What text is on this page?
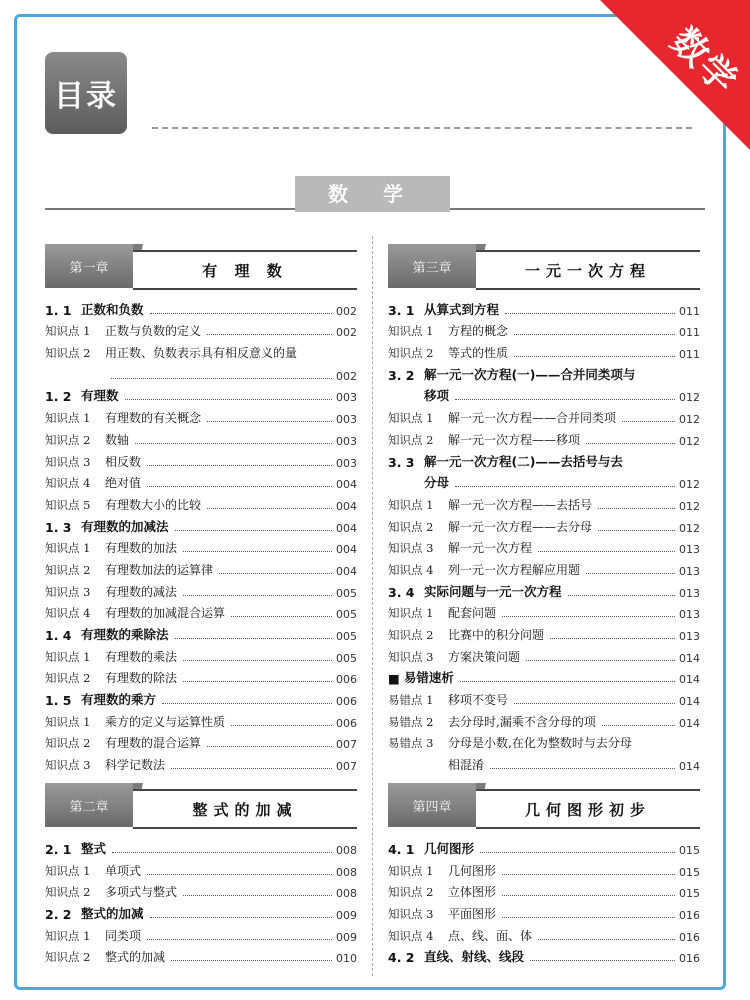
数学
目录
数 学
第一章	有 理 数
1. 1 正数和负数	002
知识点 1	正数与负数的定义	002
知识点 2	用正数、负数表示具有相反意义的量
002
1. 2 有理数	003
知识点 1	有理数的有关概念	003
知识点 2	数轴	003
知识点 3	相反数	003
知识点 4	绝对值	004
知识点 5	有理数大小的比较	004
1. 3 有理数的加减法	004
知识点 1	有理数的加法	004
知识点 2	有理数加法的运算律	004
知识点 3	有理数的减法	005
知识点 4	有理数的加减混合运算	005
1. 4 有理数的乘除法	005
知识点 1	有理数的乘法	005
知识点 2	有理数的除法	006
1. 5 有理数的乘方	006
知识点 1	乘方的定义与运算性质	006
知识点 2	有理数的混合运算	007
知识点 3	科学记数法	007
第二章	整式的加减
2. 1 整式	008
知识点 1	单项式	008
知识点 2	多项式与整式	008
2. 2 整式的加减	009
知识点 1	同类项	009
知识点 2	整式的加减	010
第三章	一元一次方程
3. 1 从算式到方程	011
知识点 1	方程的概念	011
知识点 2	等式的性质	011
3. 2 解一元一次方程(一)——合并同类项与
移项	012
知识点 1	解一元一次方程——合并同类项	012
知识点 2	解一元一次方程——移项	012
3. 3 解一元一次方程(二)——去括号与去
分母	012
知识点 1	解一元一次方程——去括号	012
知识点 2	解一元一次方程——去分母	012
知识点 3	解一元一次方程	013
知识点 4	列一元一次方程解应用题	013
3. 4 实际问题与一元一次方程	013
知识点 1	配套问题	013
知识点 2	比赛中的积分问题	013
知识点 3	方案决策问题	014
■ 易错速析	014
易错点 1	移项不变号	014
易错点 2	去分母时,漏乘不含分母的项	014
易错点 3	分母是小数,在化为整数时与去分母
相混淆	014
第四章	几何图形初步
4. 1 几何图形	015
知识点 1	几何图形	015
知识点 2	立体图形	015
知识点 3	平面图形	016
知识点 4	点、线、面、体	016
4. 2 直线、射线、线段	016
